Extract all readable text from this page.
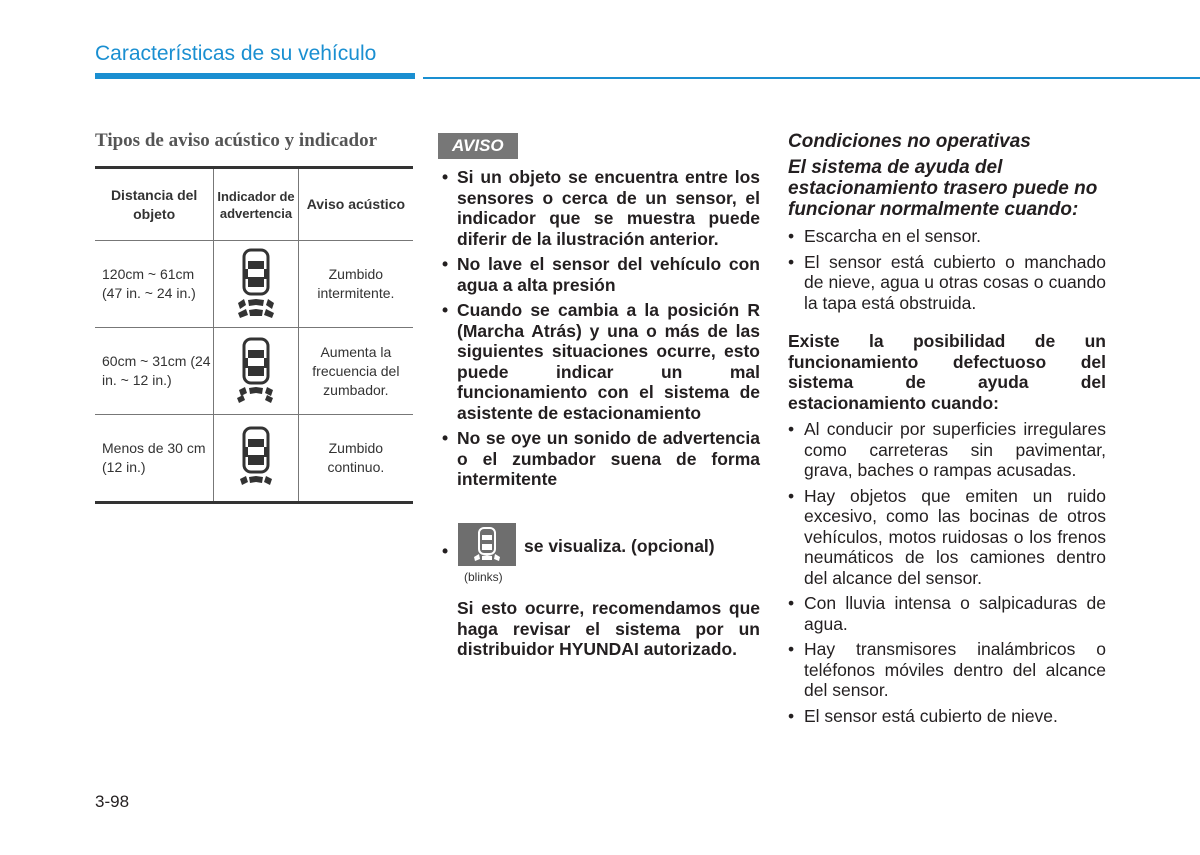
Características de su vehículo
Tipos de aviso acústico y indicador
Distancia del objeto
Indicador de advertencia
Aviso acústico
120cm ~ 61cm (47 in. ~ 24 in.)
Zumbido intermitente.
60cm ~ 31cm (24 in. ~ 12 in.)
Aumenta la frecuencia del zumbador.
Menos de 30 cm (12 in.)
Zumbido continuo.
AVISO
• Si un objeto se encuentra entre los sensores o cerca de un sensor, el indicador que se muestra puede diferir de la ilustración anterior.
• No lave el sensor del vehículo con agua a alta presión
• Cuando se cambia a la posición R (Marcha Atrás) y una o más de las siguientes situaciones ocurre, esto puede indicar un mal funcionamiento con el sistema de asistente de estacionamiento
• No se oye un sonido de advertencia o el zumbador suena de forma intermitente
•
(blinks)
se visualiza. (opcional)
Si esto ocurre, recomendamos que haga revisar el sistema por un distribuidor HYUNDAI autorizado.

Condiciones no operativas

El sistema de ayuda del estacionamiento trasero puede no funcionar normalmente cuando:

• Escarcha en el sensor.
• El sensor está cubierto o manchado de nieve, agua u otras cosas o cuando la tapa está obstruida.

Existe la posibilidad de un funcionamiento defectuoso del sistema de ayuda del estacionamiento cuando:

• Al conducir por superficies irregulares como carreteras sin pavimentar, grava, baches o rampas acusadas.
• Hay objetos que emiten un ruido excesivo, como las bocinas de otros vehículos, motos ruidosas o los frenos neumáticos de los camiones dentro del alcance del sensor.
• Con lluvia intensa o salpicaduras de agua.
• Hay transmisores inalámbricos o teléfonos móviles dentro del alcance del sensor.
• El sensor está cubierto de nieve.
3-98
